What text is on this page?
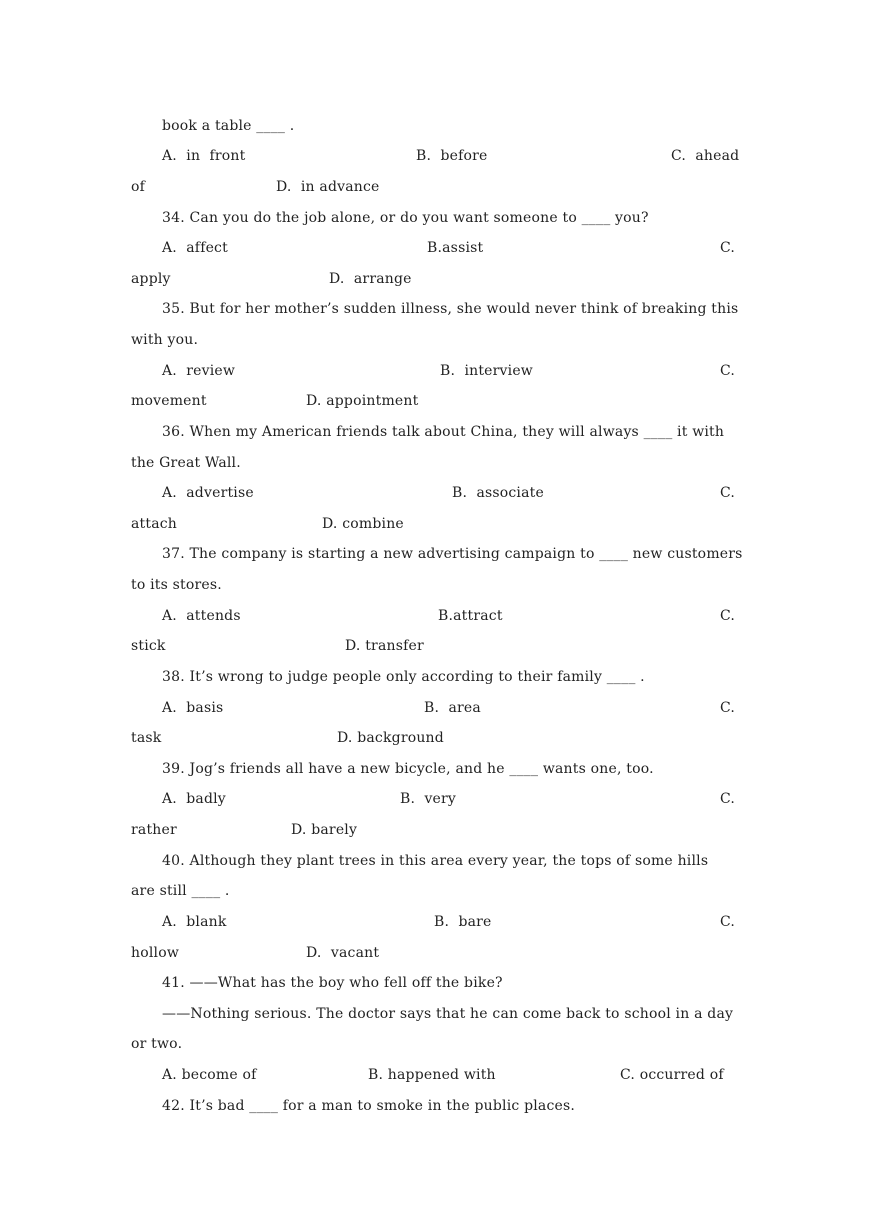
book a table ____ .

A.  in  front	B.  before	C.  ahead

of	D.  in advance

34. Can you do the job alone, or do you want someone to ____ you?

A.  affect	B.assist	C.

apply	D.  arrange

35. But for her mother’s sudden illness, she would never think of breaking this

with you.

A.  review	B.  interview	C.

movement	D. appointment

36. When my American friends talk about China, they will always ____ it with

the Great Wall.

A.  advertise	B.  associate	C.

attach	D. combine

37. The company is starting a new advertising campaign to ____ new customers

to its stores.

A.  attends	B.attract	C.

stick	D. transfer

38. It’s wrong to judge people only according to their family ____ .

A.  basis	B.  area	C.

task	D. background

39. Jog’s friends all have a new bicycle, and he ____ wants one, too.

A.  badly	B.  very	C.

rather	D. barely

40. Although they plant trees in this area every year, the tops of some hills

are still ____ .

A.  blank	B.  bare	C.

hollow	D.  vacant

41. ——What has the boy who fell off the bike?

——Nothing serious. The doctor says that he can come back to school in a day

or two.

A. become of	B. happened with	C. occurred of

42. It’s bad ____ for a man to smoke in the public places.
